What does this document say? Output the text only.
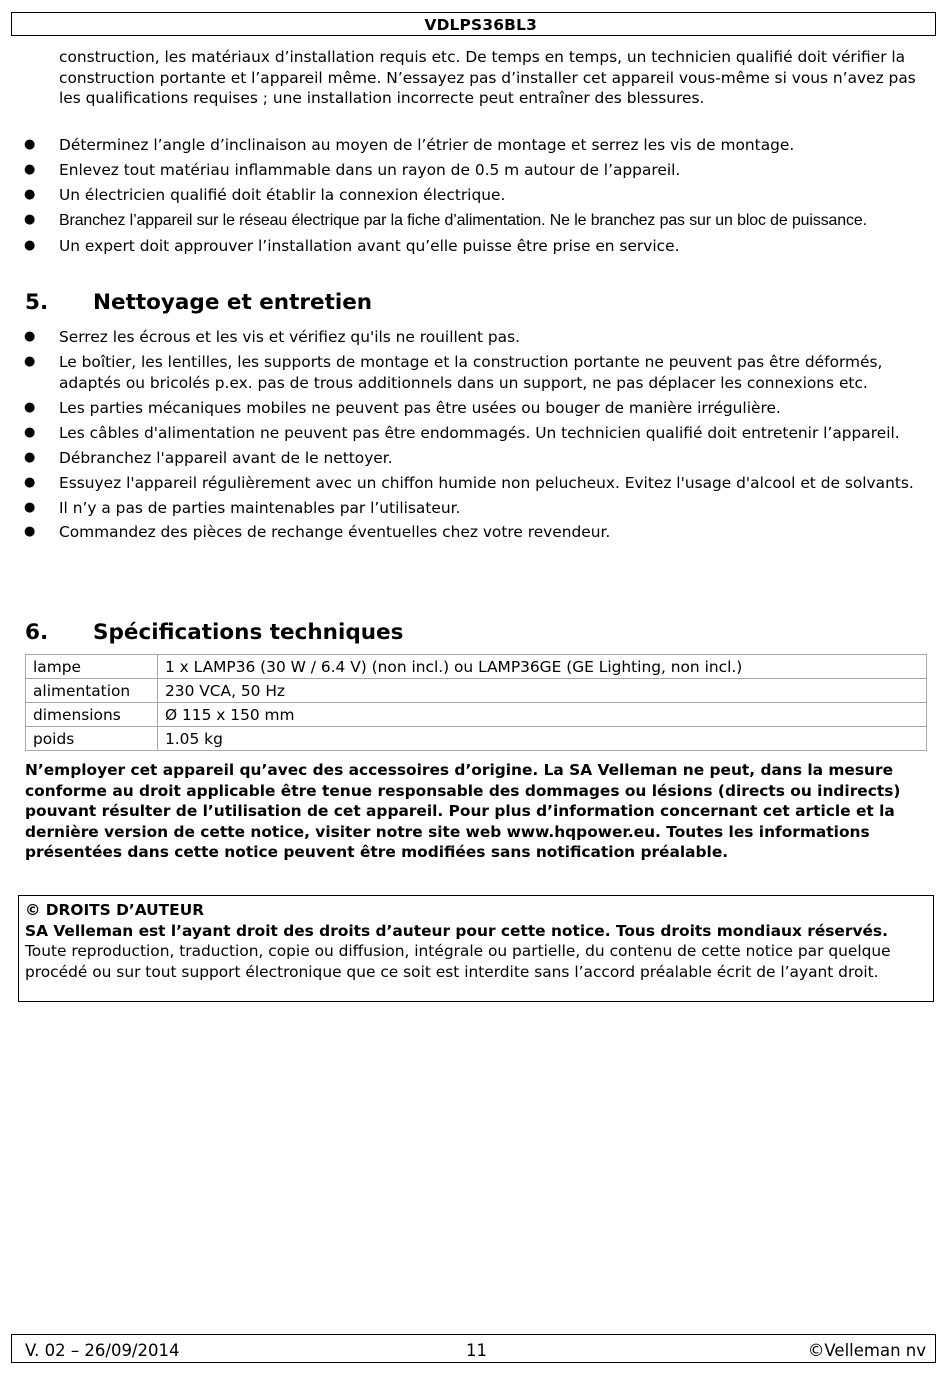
VDLPS36BL3

construction, les matériaux d’installation requis etc. De temps en temps, un technicien qualifié doit vérifier la construction portante et l’appareil même. N’essayez pas d’installer cet appareil vous-même si vous n’avez pas les qualifications requises ; une installation incorrecte peut entraîner des blessures.

● Déterminez l’angle d’inclinaison au moyen de l’étrier de montage et serrez les vis de montage.
● Enlevez tout matériau inflammable dans un rayon de 0.5 m autour de l’appareil.
● Un électricien qualifié doit établir la connexion électrique.
● Branchez l’appareil sur le réseau électrique par la fiche d’alimentation. Ne le branchez pas sur un bloc de puissance.
● Un expert doit approuver l’installation avant qu’elle puisse être prise en service.
5. Nettoyage et entretien
● Serrez les écrous et les vis et vérifiez qu'ils ne rouillent pas.
● Le boîtier, les lentilles, les supports de montage et la construction portante ne peuvent pas être déformés, adaptés ou bricolés p.ex. pas de trous additionnels dans un support, ne pas déplacer les connexions etc.
● Les parties mécaniques mobiles ne peuvent pas être usées ou bouger de manière irrégulière.
● Les câbles d'alimentation ne peuvent pas être endommagés. Un technicien qualifié doit entretenir l’appareil.
● Débranchez l'appareil avant de le nettoyer.
● Essuyez l'appareil régulièrement avec un chiffon humide non pelucheux. Evitez l'usage d'alcool et de solvants.
● Il n’y a pas de parties maintenables par l’utilisateur.
● Commandez des pièces de rechange éventuelles chez votre revendeur.
6. Spécifications techniques
lampe	1 x LAMP36 (30 W / 6.4 V) (non incl.) ou LAMP36GE (GE Lighting, non incl.)
alimentation	230 VCA, 50 Hz
dimensions	Ø 115 x 150 mm
poids	1.05 kg

N’employer cet appareil qu’avec des accessoires d’origine. La SA Velleman ne peut, dans la mesure conforme au droit applicable être tenue responsable des dommages ou lésions (directs ou indirects) pouvant résulter de l’utilisation de cet appareil. Pour plus d’information concernant cet article et la dernière version de cette notice, visiter notre site web www.hqpower.eu. Toutes les informations présentées dans cette notice peuvent être modifiées sans notification préalable.

© DROITS D’AUTEUR
SA Velleman est l’ayant droit des droits d’auteur pour cette notice. Tous droits mondiaux réservés. Toute reproduction, traduction, copie ou diffusion, intégrale ou partielle, du contenu de cette notice par quelque procédé ou sur tout support électronique que ce soit est interdite sans l’accord préalable écrit de l’ayant droit.
V. 02 – 26/09/2014	11	©Velleman nv
